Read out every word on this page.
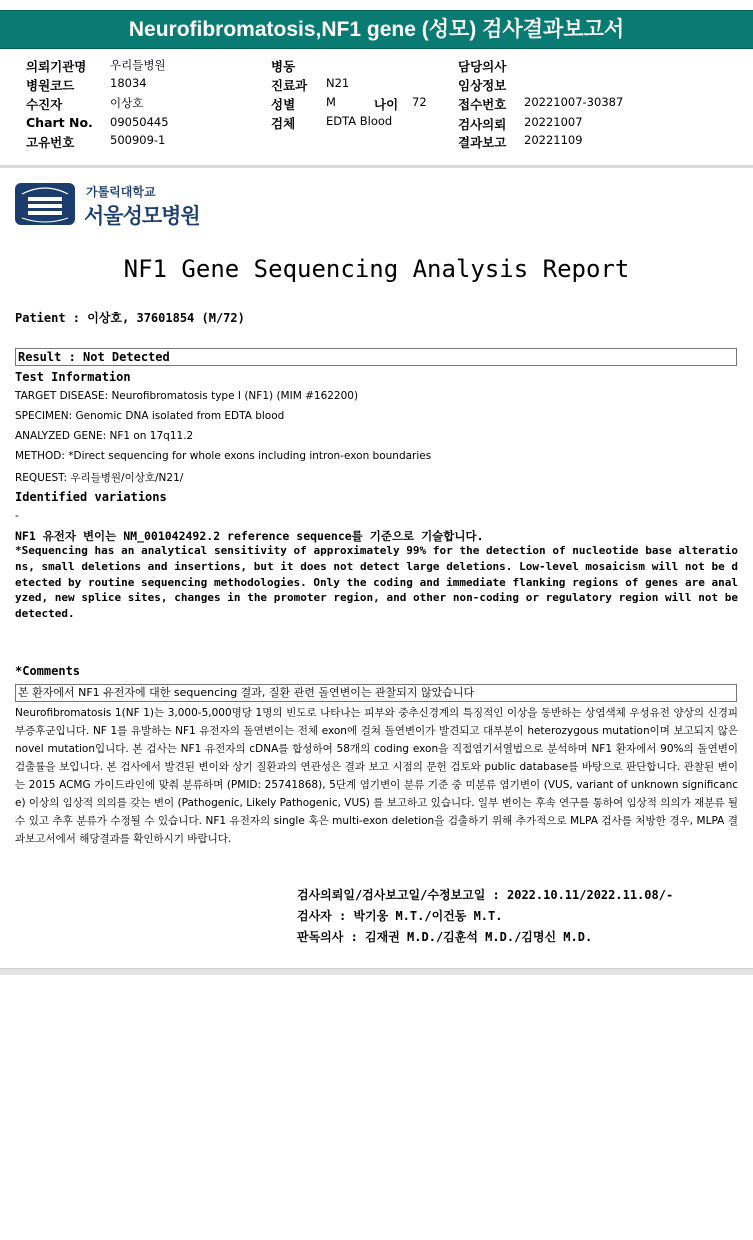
Neurofibromatosis,NF1 gene (성모) 검사결과보고서
의뢰기관명 우리들병원
병원코드	18034
수진자	이상호
Chart No. 09050445
고유번호	500909-1
병동
진료과 N21
성별	M	나이 72
검체	EDTA Blood
담당의사
임상정보
접수번호 20221007-30387
검사의뢰 20221007
결과보고 20221109
가톨릭대학교
서울성모병원
NF1 Gene Sequencing Analysis Report
Patient : 이상호, 37601854 (M/72)
Result : Not Detected
Test Information
TARGET DISEASE: Neurofibromatosis type I (NF1) (MIM #162200)
SPECIMEN: Genomic DNA isolated from EDTA blood
ANALYZED GENE: NF1 on 17q11.2
METHOD: *Direct sequencing for whole exons including intron-exon boundaries
REQUEST: 우리들병원/이상호/N21/
Identified variations
-
NF1 유전자 변이는 NM_001042492.2 reference sequence를 기준으로 기술합니다.
*Sequencing has an analytical sensitivity of approximately 99% for the detection of nucleotide base alterations, small deletions and insertions, but it does not detect large deletions. Low-level mosaicism will not be detected by routine sequencing methodologies. Only the coding and immediate flanking regions of genes are analyzed, new splice sites, changes in the promoter region, and other non-coding or regulatory region will not be detected.
*Comments
본 환자에서 NF1 유전자에 대한 sequencing 결과, 질환 관련 돌연변이는 관찰되지 않았습니다
Neurofibromatosis 1(NF 1)는 3,000-5,000명당 1명의 빈도로 나타나는 피부와 중추신경계의 특징적인 이상을 동반하는 상염색체 우성유전 양상의 신경피부증후군입니다. NF 1를 유발하는 NF1 유전자의 돌연변이는 전체 exon에 걸쳐 돌연변이가 발견되고 대부분이 heterozygous mutation이며 보고되지 않은 novel mutation입니다. 본 검사는 NF1 유전자의 cDNA를 합성하여 58개의 coding exon을 직접염기서열법으로 분석하며 NF1 환자에서 90%의 돌연변이 검출률을 보입니다. 본 검사에서 발견된 변이와 상기 질환과의 연관성은 결과 보고 시점의 문헌 검토와 public database를 바탕으로 판단합니다. 관찰된 변이는 2015 ACMG 가이드라인에 맞춰 분류하며 (PMID: 25741868), 5단계 염기변이 분류 기준 중 미분류 염기변이 (VUS, variant of unknown significance) 이상의 임상적 의의를 갖는 변이 (Pathogenic, Likely Pathogenic, VUS) 를 보고하고 있습니다. 일부 변이는 후속 연구를 통하여 임상적 의의가 재분류 될 수 있고 추후 분류가 수정될 수 있습니다. NF1 유전자의 single 혹은 multi-exon deletion을 검출하기 위해 추가적으로 MLPA 검사를 처방한 경우, MLPA 결과보고서에서 해당결과를 확인하시기 바랍니다.
검사의뢰일/검사보고일/수정보고일 : 2022.10.11/2022.11.08/-
검사자 : 박기웅 M.T./이건동 M.T.
판독의사 : 김재권 M.D./김훈석 M.D./김명신 M.D.
